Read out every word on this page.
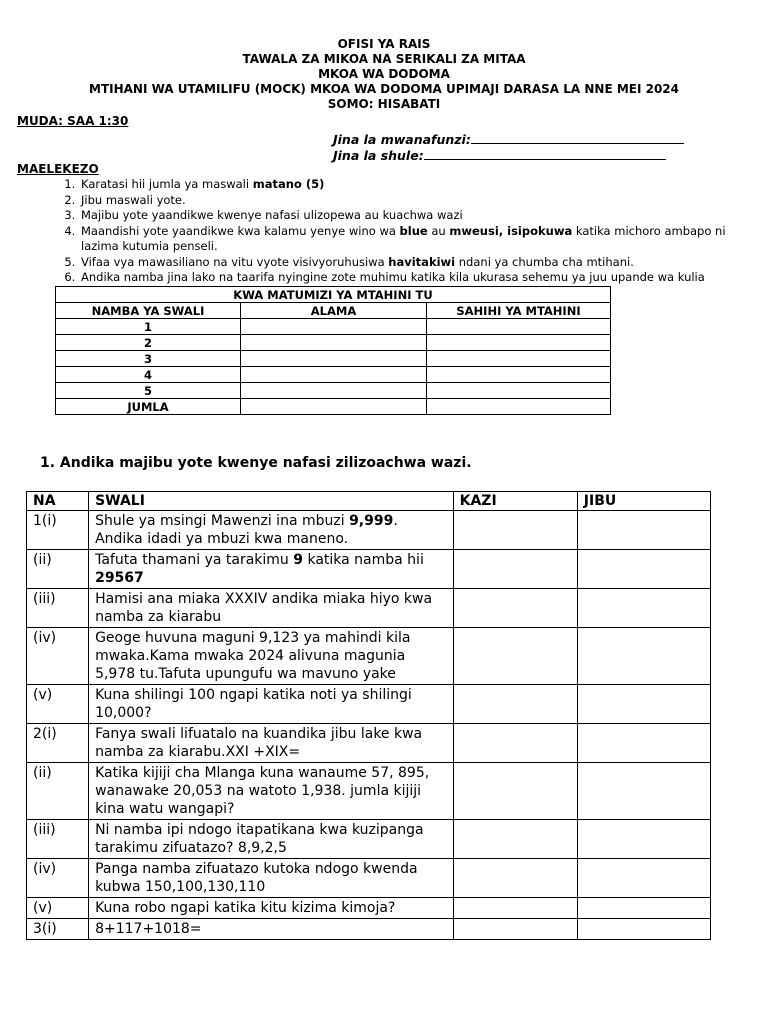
OFISI YA RAIS
TAWALA ZA MIKOA NA SERIKALI ZA MITAA
MKOA WA DODOMA
MTIHANI WA UTAMILIFU (MOCK) MKOA WA DODOMA UPIMAJI DARASA LA NNE MEI 2024
SOMO: HISABATI
MUDA: SAA 1:30
Jina la mwanafunzi:
Jina la shule:
MAELEKEZO
1. Karatasi hii jumla ya maswali matano (5)
2. Jibu maswali yote.
3. Majibu yote yaandikwe kwenye nafasi ulizopewa au kuachwa wazi
4. Maandishi yote yaandikwe kwa kalamu yenye wino wa blue au mweusi, isipokuwa katika michoro ambapo ni lazima kutumia penseli.
5. Vifaa vya mawasiliano na vitu vyote visivyoruhusiwa havitakiwi ndani ya chumba cha mtihani.
6. Andika namba jina lako na taarifa nyingine zote muhimu katika kila ukurasa sehemu ya juu upande wa kulia
KWA MATUMIZI YA MTAHINI TU		
NAMBA YA SWALI	ALAMA	SAHIHI YA MTAHINI
1		
2		
3		
4		
5		
JUMLA		
1. Andika majibu yote kwenye nafasi zilizoachwa wazi.
NA	SWALI	KAZI	JIBU
1(i)	Shule ya msingi Mawenzi ina mbuzi 9,999. Andika idadi ya mbuzi kwa maneno.		
(ii)	Tafuta thamani ya tarakimu 9 katika namba hii
29567		
(iii)	Hamisi ana miaka XXXIV andika miaka hiyo kwa namba za kiarabu		
(iv)	Geoge huvuna maguni 9,123 ya mahindi kila mwaka.Kama mwaka 2024 alivuna magunia 5,978 tu.Tafuta upungufu wa mavuno yake		
(v)	Kuna shilingi 100 ngapi katika noti ya shilingi 10,000?		
2(i)	Fanya swali lifuatalo na kuandika jibu lake kwa namba za kiarabu.XXI +XIX=		
(ii)	Katika kijiji cha Mlanga kuna wanaume 57, 895, wanawake 20,053 na watoto 1,938. jumla kijiji kina watu wangapi?		
(iii)	Ni namba ipi ndogo itapatikana kwa kuzipanga tarakimu zifuatazo? 8,9,2,5		
(iv)	Panga namba zifuatazo kutoka ndogo kwenda kubwa 150,100,130,110		
(v)	Kuna robo ngapi katika kitu kizima kimoja?		
3(i)	8+117+1018=		
